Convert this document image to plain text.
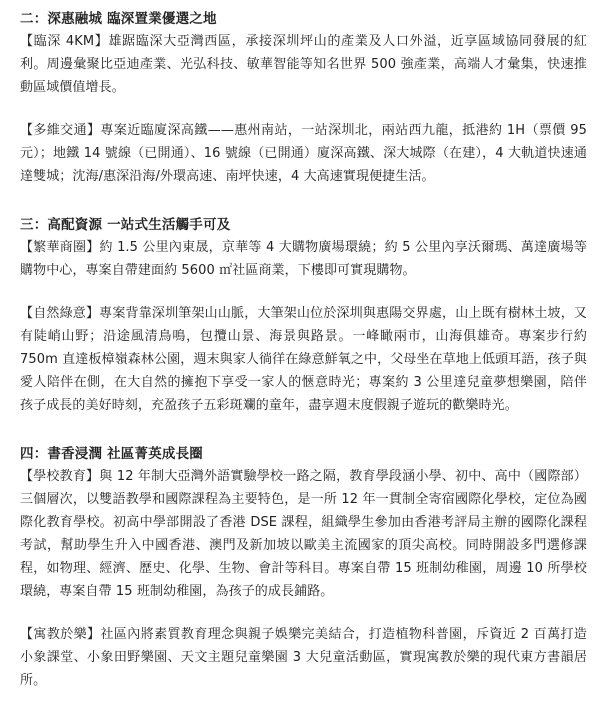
二：深惠融城 臨深置業優選之地

【臨深 4KM】雄踞臨深大亞灣西區，承接深圳坪山的產業及人口外溢，近享區域協同發展的紅利。周邊彙聚比亞迪產業、光弘科技、敏華智能等知名世界 500 強產業，高端人才彙集，快速推動區域價值增長。

【多維交通】專案近臨廈深高鐵——惠州南站，一站深圳北，兩站西九龍，抵港約 1H（票價 95 元）；地鐵 14 號線（已開通）、16 號線（已開通）廈深高鐵、深大城際（在建），4 大軌道快速通達雙城；沈海/惠深沿海/外環高速、南坪快速，4 大高速實現便捷生活。

三：高配資源 一站式生活觸手可及

【繁華商圈】約 1.5 公里內東晟，京華等 4 大購物廣場環繞；約 5 公里內享沃爾瑪、萬達廣場等購物中心，專案自帶建面約 5600 ㎡社區商業，下樓即可實現購物。

【自然綠意】專案背靠深圳筆架山山脈，大筆架山位於深圳與惠陽交界處，山上既有樹林土坡，又有陡峭山野；沿途風清鳥鳴，包攬山景、海景與路景。一峰瞰兩市，山海俱雄奇。專案步行約 750m 直達板樟嶺森林公園，週末與家人徜徉在綠意鮮氧之中，父母坐在草地上低頭耳語，孩子與愛人陪伴在側，在大自然的擁抱下享受一家人的愜意時光；專案約 3 公里達兒童夢想樂園，陪伴孩子成長的美好時刻，充盈孩子五彩斑斕的童年，盡享週末度假親子遊玩的歡樂時光。

四：書香浸潤 社區菁英成長圈

【學校教育】與 12 年制大亞灣外語實驗學校一路之隔，教育學段涵小學、初中、高中（國際部）三個層次，以雙語教學和國際課程為主要特色，是一所 12 年一貫制全寄宿國際化學校，定位為國際化教育學校。初高中學部開設了香港 DSE 課程，組織學生參加由香港考評局主辦的國際化課程考試，幫助學生升入中國香港、澳門及新加坡以歐美主流國家的頂尖高校。同時開設多門選修課程，如物理、經濟、歷史、化學、生物、會計等科目。專案自帶 15 班制幼稚園，周邊 10 所學校環繞，專案自帶 15 班制幼稚園，為孩子的成長鋪路。

【寓教於樂】社區內將素質教育理念與親子娛樂完美結合，打造植物科普園，斥資近 2 百萬打造小象課堂、小象田野樂園、天文主題兒童樂園 3 大兒童活動區，實現寓教於樂的現代東方書韻居所。
